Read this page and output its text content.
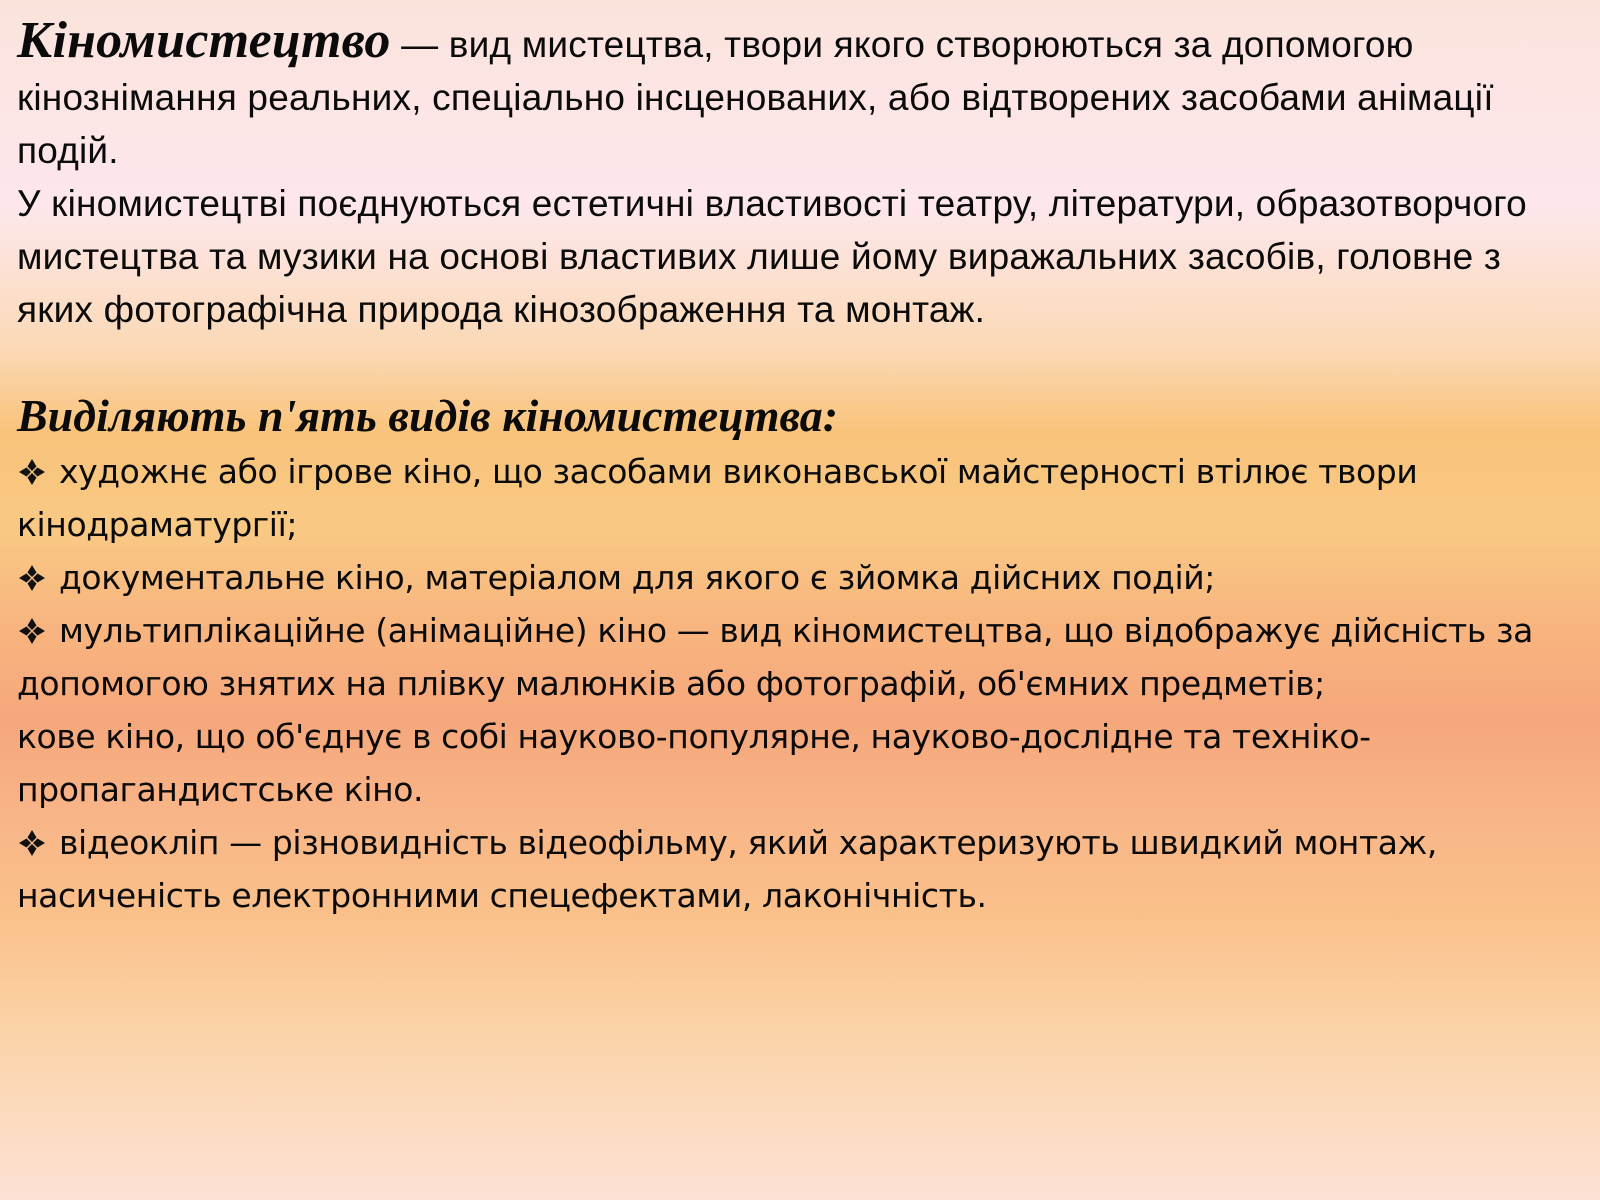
Кіномистецтво — вид мистецтва, твори якого створюються за допомогою кінознімання реальних, спеціально інсценованих, або відтворених засобами анімації подій.
У кіномистецтві поєднуються естетичні властивості театру, літератури, образотворчого мистецтва та музики на основі властивих лише йому виражальних засобів, головне з яких фотографічна природа кінозображення та монтаж.

Виділяють п'ять видів кіномистецтва:
художнє або ігрове кіно, що засобами виконавської майстерності втілює твори кінодраматургії;
документальне кіно, матеріалом для якого є зйомка дійсних подій;
мультиплікаційне (анімаційне) кіно — вид кіномистецтва, що відображує дійсність за допомогою знятих на плівку малюнків або фотографій, об'ємних предметів;
кове кіно, що об'єднує в собі науково-популярне, науково-дослідне та техніко-пропагандистське кіно.
відеокліп — різновидність відеофільму, який характеризують швидкий монтаж, насиченість електронними спецефектами, лаконічність.
